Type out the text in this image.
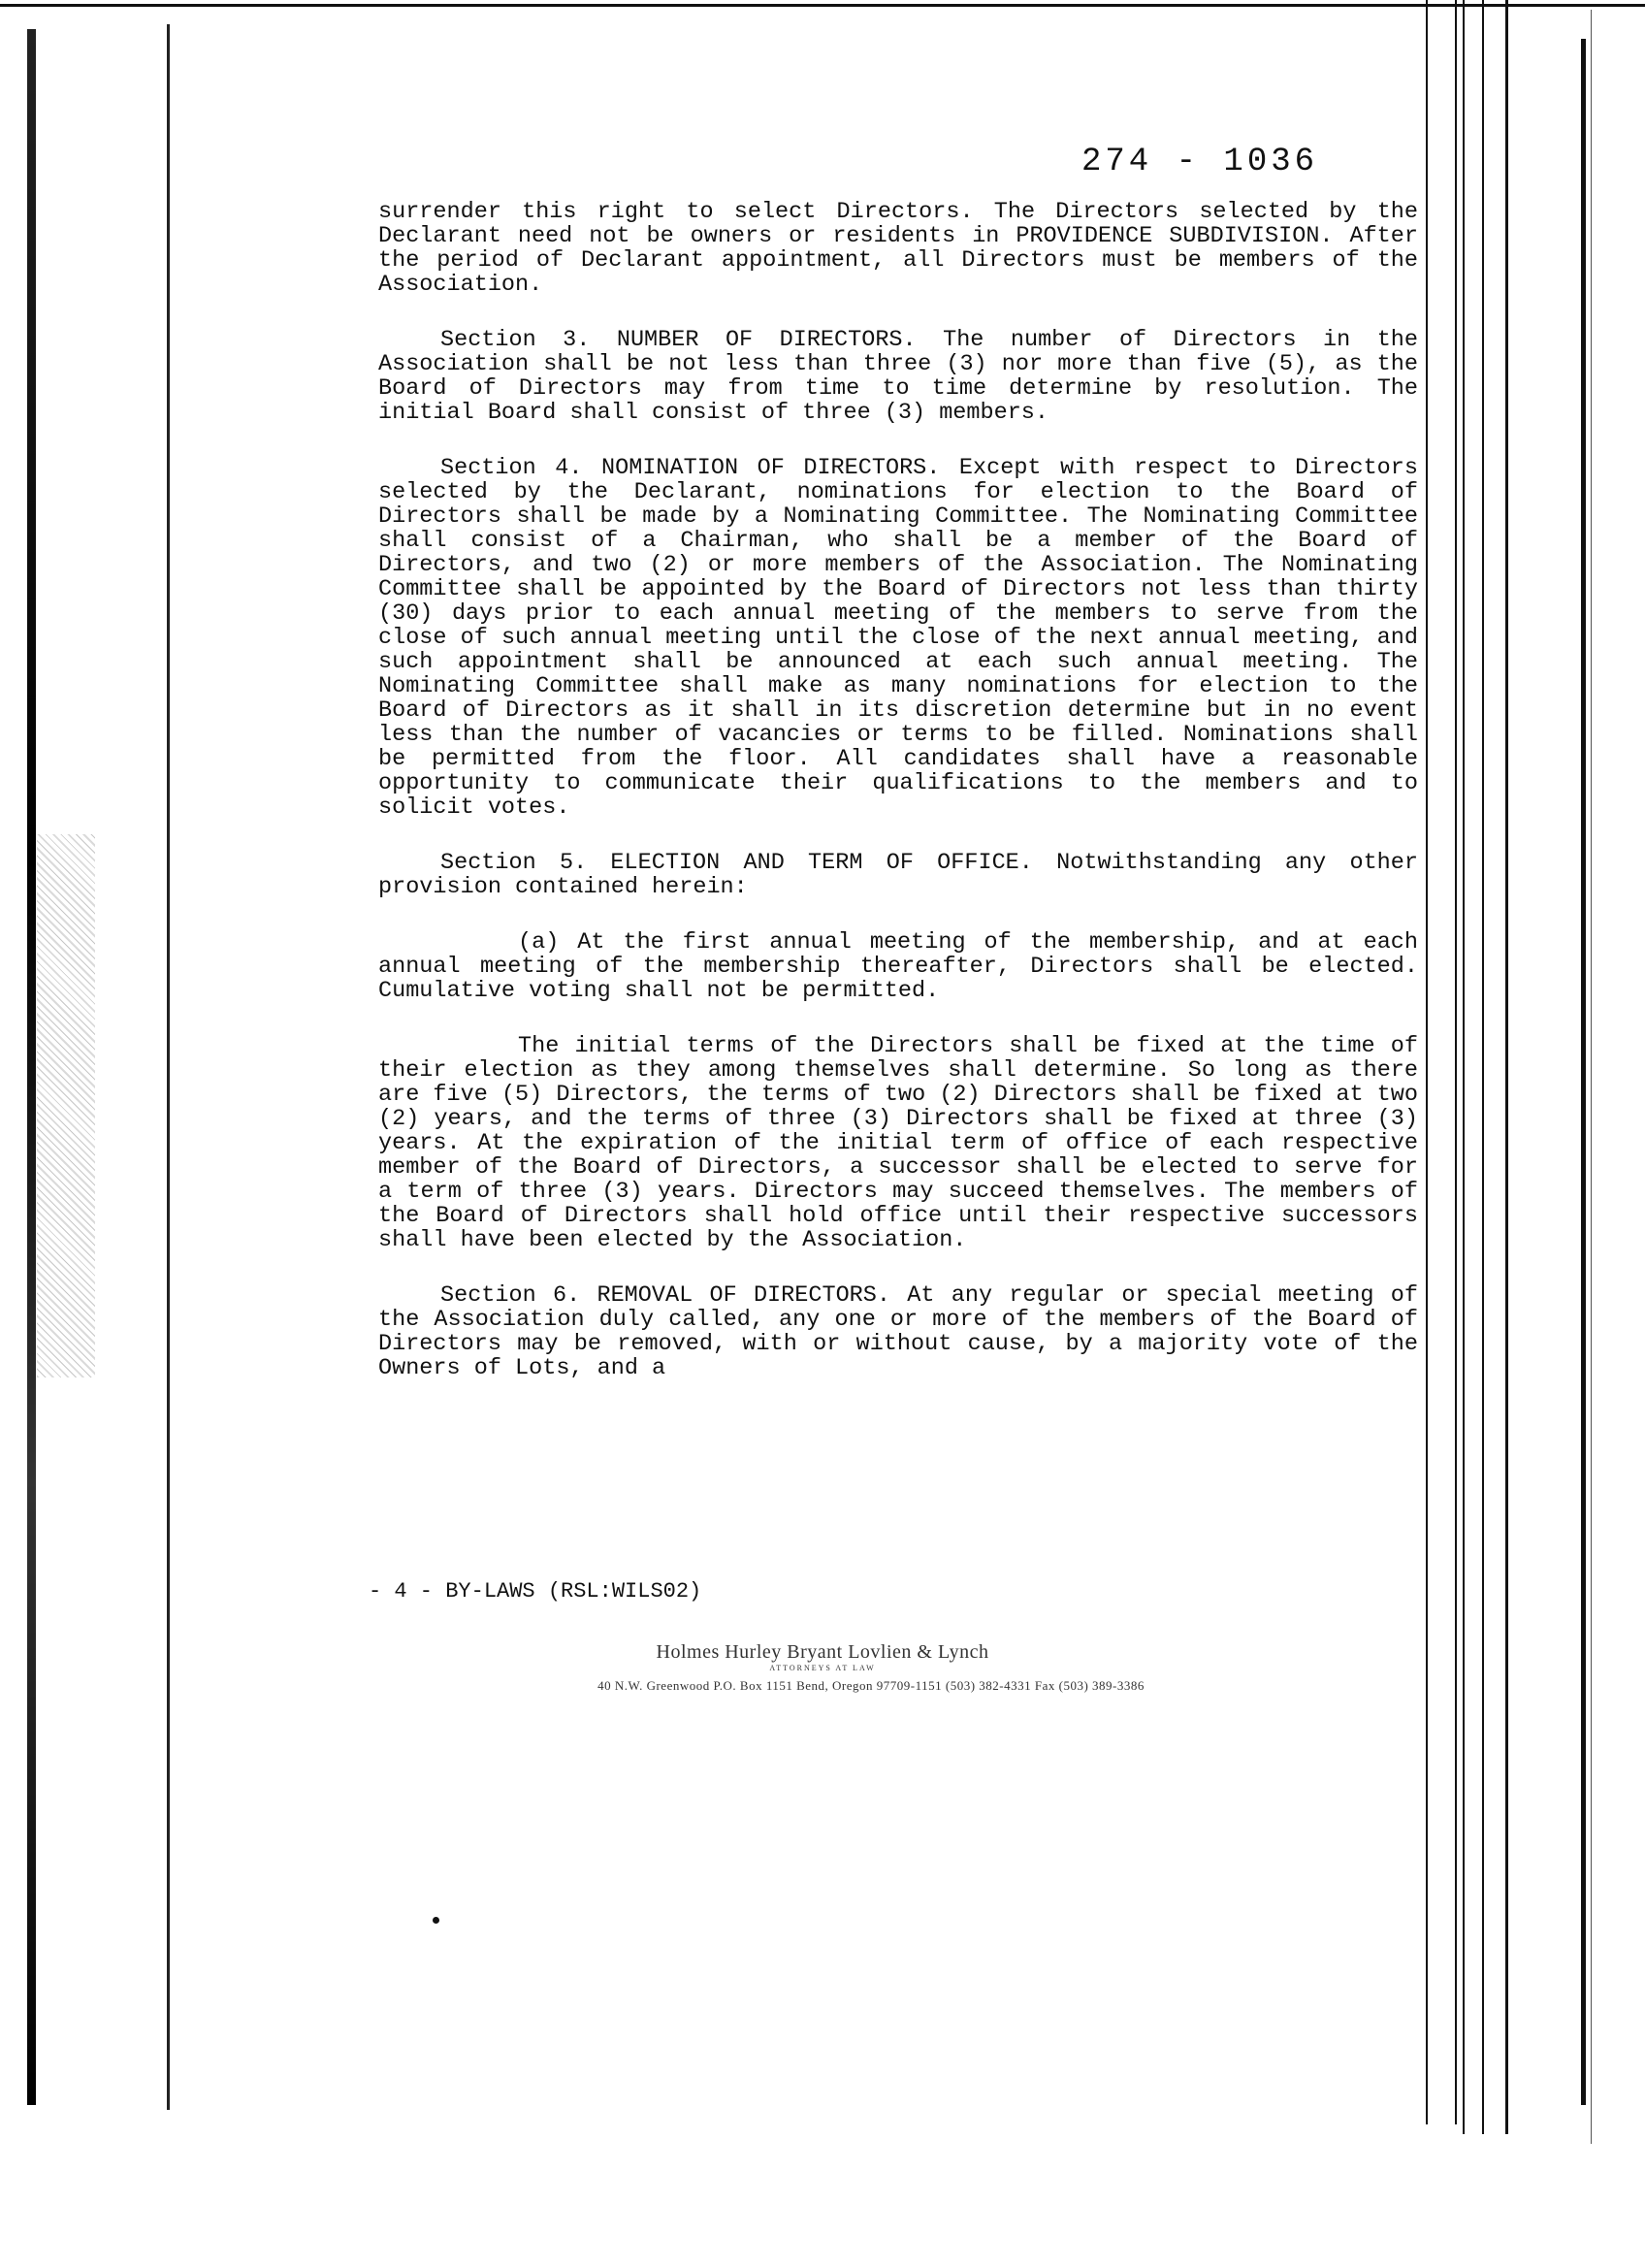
274 - 1036

surrender this right to select Directors. The Directors selected by the Declarant need not be owners or residents in PROVIDENCE SUBDIVISION. After the period of Declarant appointment, all Directors must be members of the Association.

Section 3. NUMBER OF DIRECTORS. The number of Directors in the Association shall be not less than three (3) nor more than five (5), as the Board of Directors may from time to time determine by resolution. The initial Board shall consist of three (3) members.

Section 4. NOMINATION OF DIRECTORS. Except with respect to Directors selected by the Declarant, nominations for election to the Board of Directors shall be made by a Nominating Committee. The Nominating Committee shall consist of a Chairman, who shall be a member of the Board of Directors, and two (2) or more members of the Association. The Nominating Committee shall be appointed by the Board of Directors not less than thirty (30) days prior to each annual meeting of the members to serve from the close of such annual meeting until the close of the next annual meeting, and such appointment shall be announced at each such annual meeting. The Nominating Committee shall make as many nominations for election to the Board of Directors as it shall in its discretion determine but in no event less than the number of vacancies or terms to be filled. Nominations shall be permitted from the floor. All candidates shall have a reasonable opportunity to communicate their qualifications to the members and to solicit votes.

Section 5. ELECTION AND TERM OF OFFICE. Notwithstanding any other provision contained herein:

(a) At the first annual meeting of the membership, and at each annual meeting of the membership thereafter, Directors shall be elected. Cumulative voting shall not be permitted.

The initial terms of the Directors shall be fixed at the time of their election as they among themselves shall determine. So long as there are five (5) Directors, the terms of two (2) Directors shall be fixed at two (2) years, and the terms of three (3) Directors shall be fixed at three (3) years. At the expiration of the initial term of office of each respective member of the Board of Directors, a successor shall be elected to serve for a term of three (3) years. Directors may succeed themselves. The members of the Board of Directors shall hold office until their respective successors shall have been elected by the Association.

Section 6. REMOVAL OF DIRECTORS. At any regular or special meeting of the Association duly called, any one or more of the members of the Board of Directors may be removed, with or without cause, by a majority vote of the Owners of Lots, and a

- 4 - BY-LAWS (RSL:WILS02)
Holmes Hurley Bryant Lovlien & Lynch
ATTORNEYS AT LAW
40 N.W. Greenwood P.O. Box 1151 Bend, Oregon 97709-1151 (503) 382-4331 Fax (503) 389-3386
